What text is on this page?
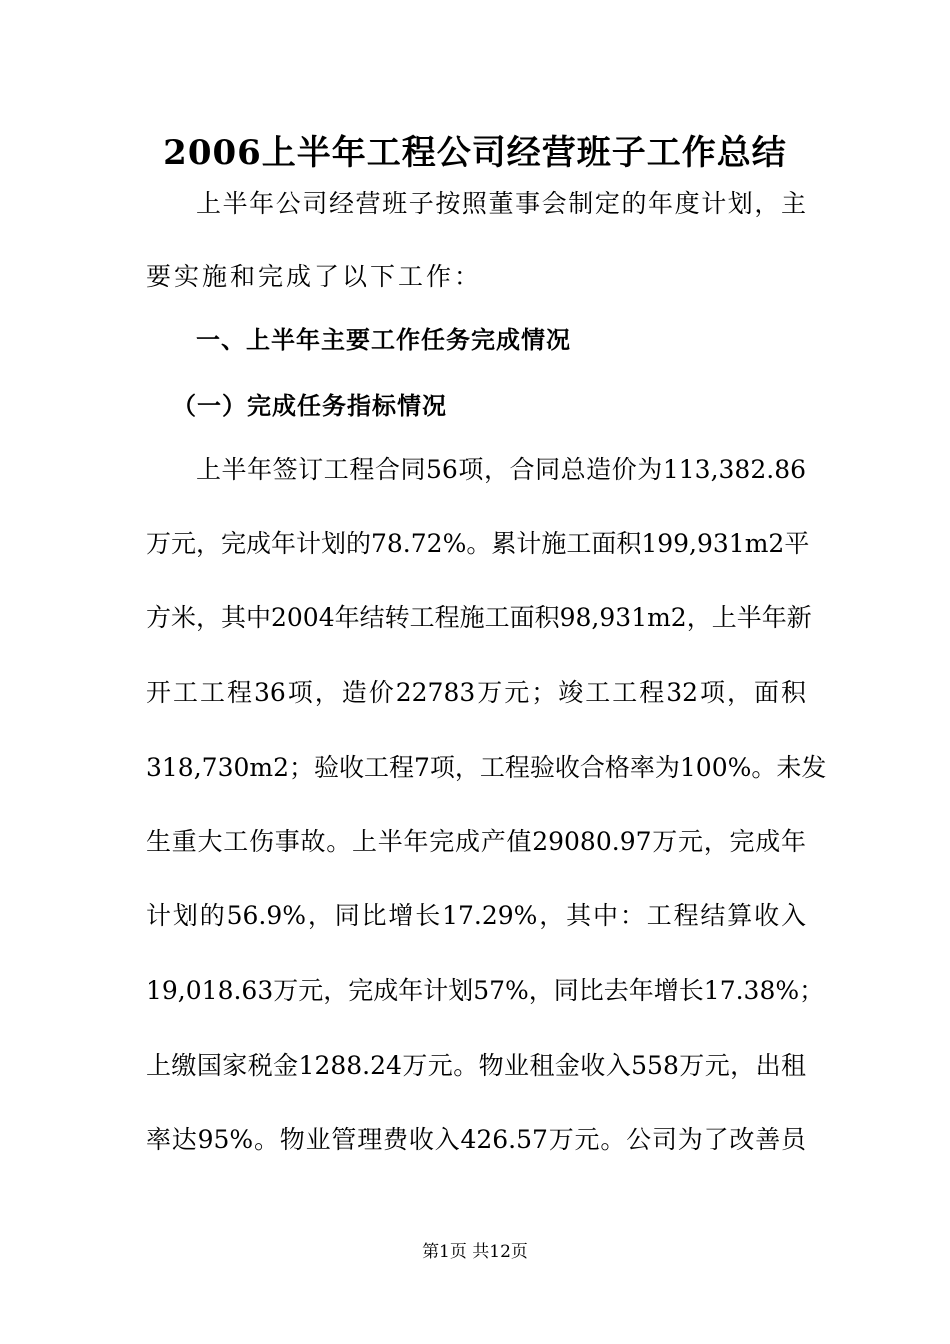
2006上半年工程公司经营班子工作总结
上半年公司经营班子按照董事会制定的年度计划，主
要实施和完成了以下工作：
一、上半年主要工作任务完成情况
（一）完成任务指标情况
上半年签订工程合同56项，合同总造价为113,382.86
万元，完成年计划的78.72%。累计施工面积199,931m2平
方米，其中2004年结转工程施工面积98,931m2，上半年新
开工工程36项，造价22783万元；竣工工程32项，面积
318,730m2；验收工程7项，工程验收合格率为100%。未发
生重大工伤事故。上半年完成产值29080.97万元，完成年
计划的56.9%，同比增长17.29%，其中：工程结算收入
19,018.63万元，完成年计划57%，同比去年增长17.38%；
上缴国家税金1288.24万元。物业租金收入558万元，出租
率达95%。物业管理费收入426.57万元。公司为了改善员
第1页 共12页
